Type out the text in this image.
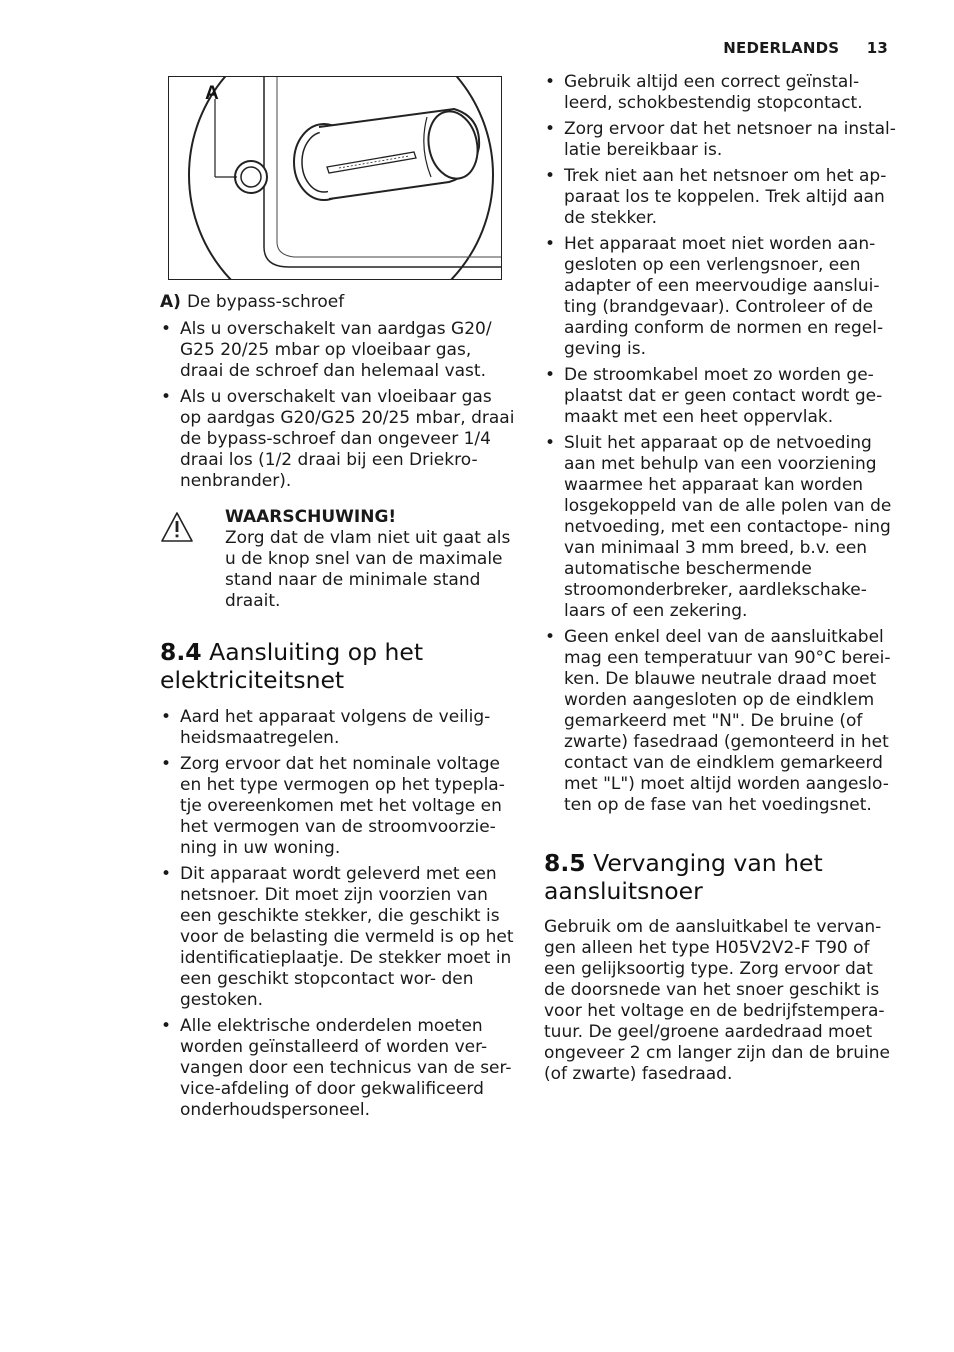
NEDERLANDS 13
A
A) De bypass-schroef
• Als u overschakelt van aardgas G20/ G25 20/25 mbar op vloeibaar gas, draai de schroef dan helemaal vast.
• Als u overschakelt van vloeibaar gas op aardgas G20/G25 20/25 mbar, draai de bypass-schroef dan ongeveer 1/4 draai los (1/2 draai bij een Driekro- nenbrander).
WAARSCHUWING!
Zorg dat de vlam niet uit gaat als u de knop snel van de maximale stand naar de minimale stand draait.
8.4 Aansluiting op het elektriciteitsnet
• Aard het apparaat volgens de veilig- heidsmaatregelen.
• Zorg ervoor dat het nominale voltage en het type vermogen op het typepla- tje overeenkomen met het voltage en het vermogen van de stroomvoorzie- ning in uw woning.
• Dit apparaat wordt geleverd met een netsnoer. Dit moet zijn voorzien van een geschikte stekker, die geschikt is voor de belasting die vermeld is op het identificatieplaatje. De stekker moet in een geschikt stopcontact wor- den gestoken.
• Alle elektrische onderdelen moeten worden geïnstalleerd of worden ver- vangen door een technicus van de ser- vice-afdeling of door gekwalificeerd onderhoudspersoneel.
• Gebruik altijd een correct geïnstal- leerd, schokbestendig stopcontact.
• Zorg ervoor dat het netsnoer na instal- latie bereikbaar is.
• Trek niet aan het netsnoer om het ap- paraat los te koppelen. Trek altijd aan de stekker.
• Het apparaat moet niet worden aan- gesloten op een verlengsnoer, een adapter of een meervoudige aanslui- ting (brandgevaar). Controleer of de aarding conform de normen en regel- geving is.
• De stroomkabel moet zo worden ge- plaatst dat er geen contact wordt ge- maakt met een heet oppervlak.
• Sluit het apparaat op de netvoeding aan met behulp van een voorziening waarmee het apparaat kan worden losgekoppeld van de alle polen van de netvoeding, met een contactope- ning van minimaal 3 mm breed, b.v. een automatische beschermende stroomonderbreker, aardlekschake- laars of een zekering.
• Geen enkel deel van de aansluitkabel mag een temperatuur van 90°C berei- ken. De blauwe neutrale draad moet worden aangesloten op de eindklem gemarkeerd met "N". De bruine (of zwarte) fasedraad (gemonteerd in het contact van de eindklem gemarkeerd met "L") moet altijd worden aangeslo- ten op de fase van het voedingsnet.
8.5 Vervanging van het aansluitsnoer

Gebruik om de aansluitkabel te vervan- gen alleen het type H05V2V2-F T90 of een gelijksoortig type. Zorg ervoor dat de doorsnede van het snoer geschikt is voor het voltage en de bedrijfstempera- tuur. De geel/groene aardedraad moet ongeveer 2 cm langer zijn dan de bruine (of zwarte) fasedraad.
